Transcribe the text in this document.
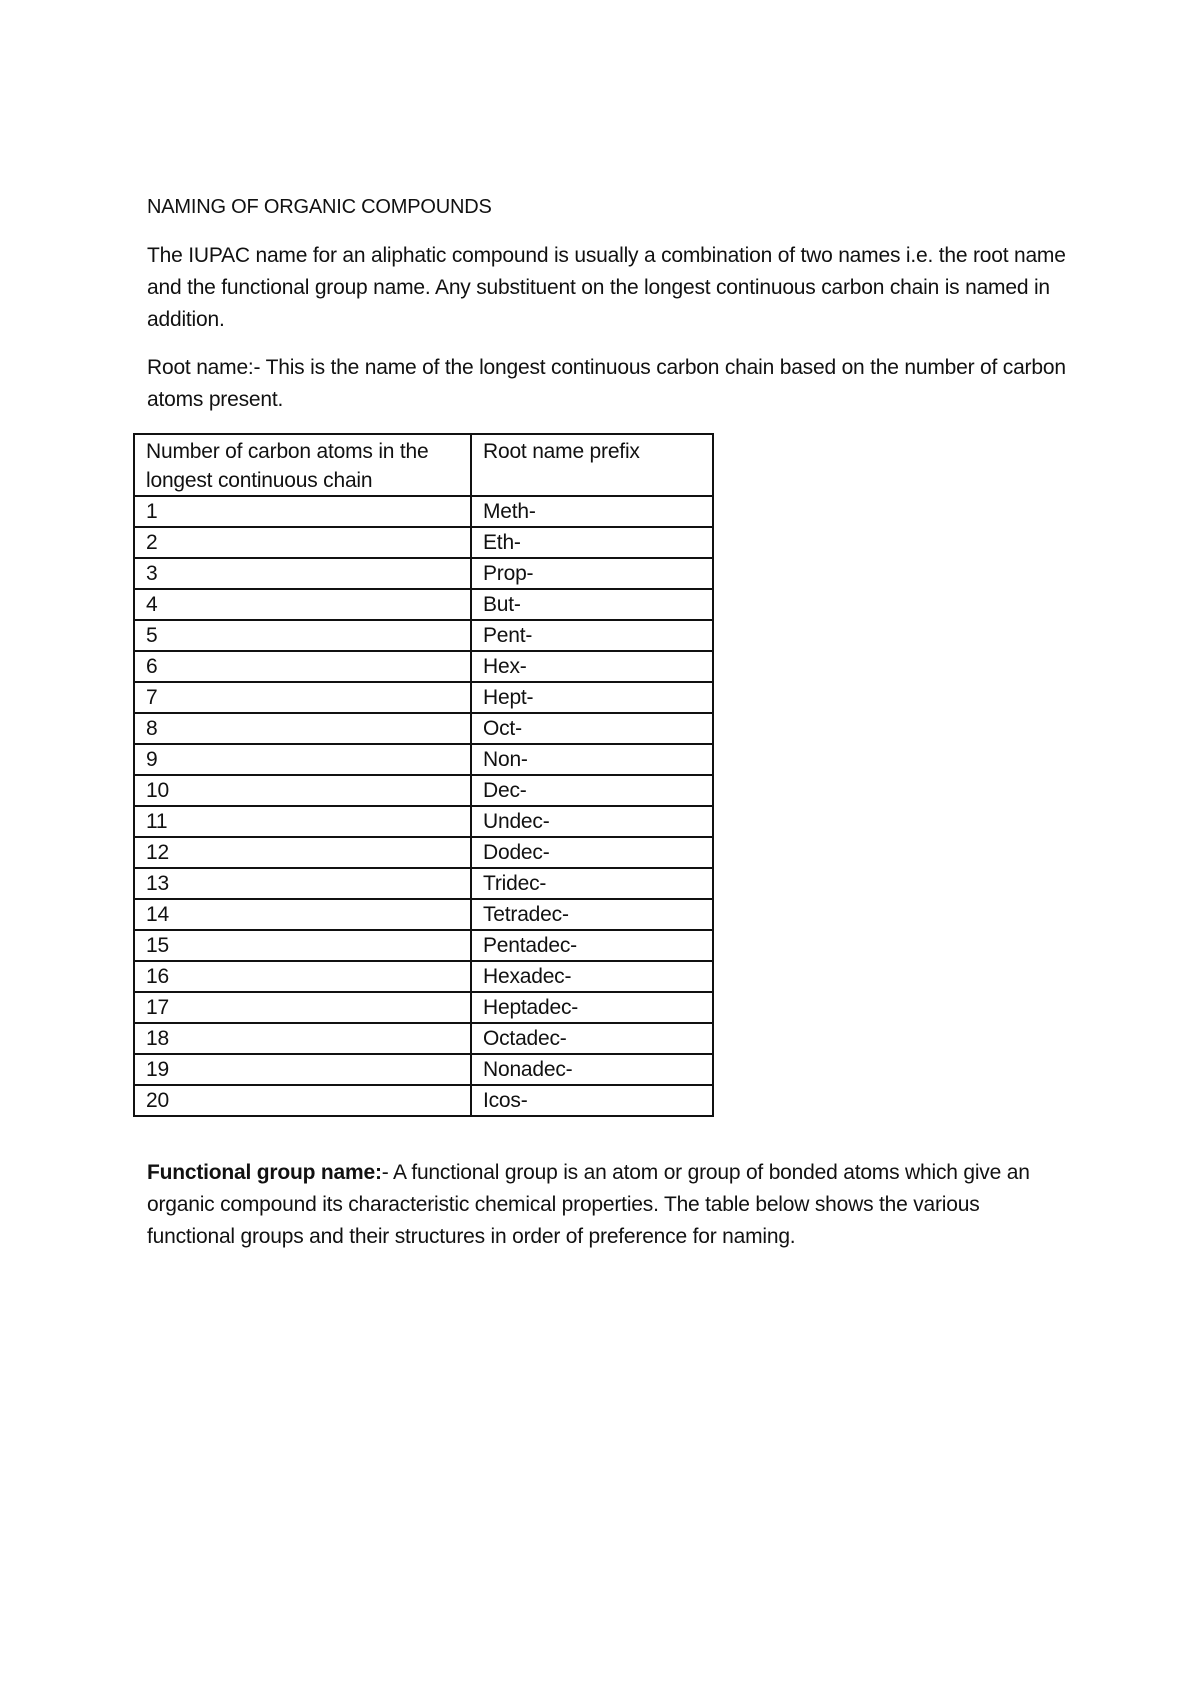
NAMING OF ORGANIC COMPOUNDS

The IUPAC name for an aliphatic compound is usually a combination of two names i.e. the root name and the functional group name. Any substituent on the longest continuous carbon chain is named in addition.

Root name:- This is the name of the longest continuous carbon chain based on the number of carbon atoms present.

Number of carbon atoms in the longest continuous chain	Root name prefix
1	Meth-
2	Eth-
3	Prop-
4	But-
5	Pent-
6	Hex-
7	Hept-
8	Oct-
9	Non-
10	Dec-
11	Undec-
12	Dodec-
13	Tridec-
14	Tetradec-
15	Pentadec-
16	Hexadec-
17	Heptadec-
18	Octadec-
19	Nonadec-
20	Icos-

Functional group name:- A functional group is an atom or group of bonded atoms which give an organic compound its characteristic chemical properties. The table below shows the various functional groups and their structures in order of preference for naming.
